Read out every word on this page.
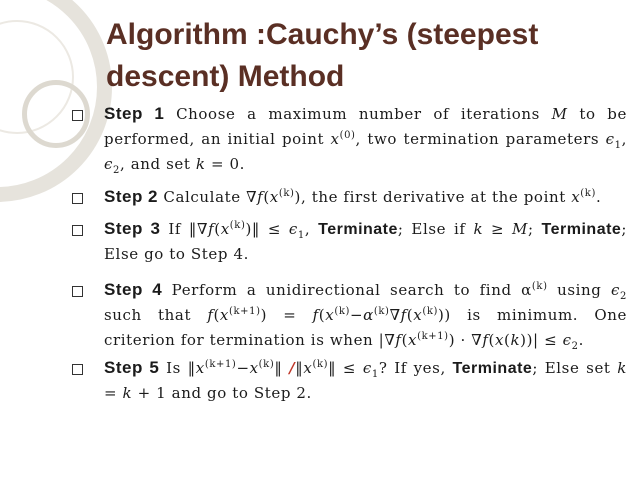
Algorithm :Cauchy’s (steepest descent) Method
Step 1 Choose a maximum number of iterations M to be performed, an initial point $x^{(0)}$, two termination parameters $\epsilon_1$, $\epsilon_2$, and set k = 0.
Step 2 Calculate $\nabla f(x^{(k)})$, the first derivative at the point $x^{(k)}$.
Step 3 If $‖\nabla f(x^{(k)})‖ \le \epsilon_1$, Terminate; Else if k ≥ M; Terminate; Else go to Step 4.
Step 4 Perform a unidirectional search to find $\alpha^{(k)}$ using $\epsilon_2$ such that $f(x^{(k+1)}) = f(x^{(k)}-\alpha^{(k)}\nabla f(x^{(k)}))$ is minimum. One criterion for termination is when $|\nabla f(x^{(k+1)}) \cdot \nabla f(x(k))| \le \epsilon_2$.
Step 5 Is $‖x^{(k+1)}-x^{(k)}‖$ $/‖x^{(k)}‖ \le \epsilon_1$? If yes, Terminate; Else set k = k + 1 and go to Step 2.
